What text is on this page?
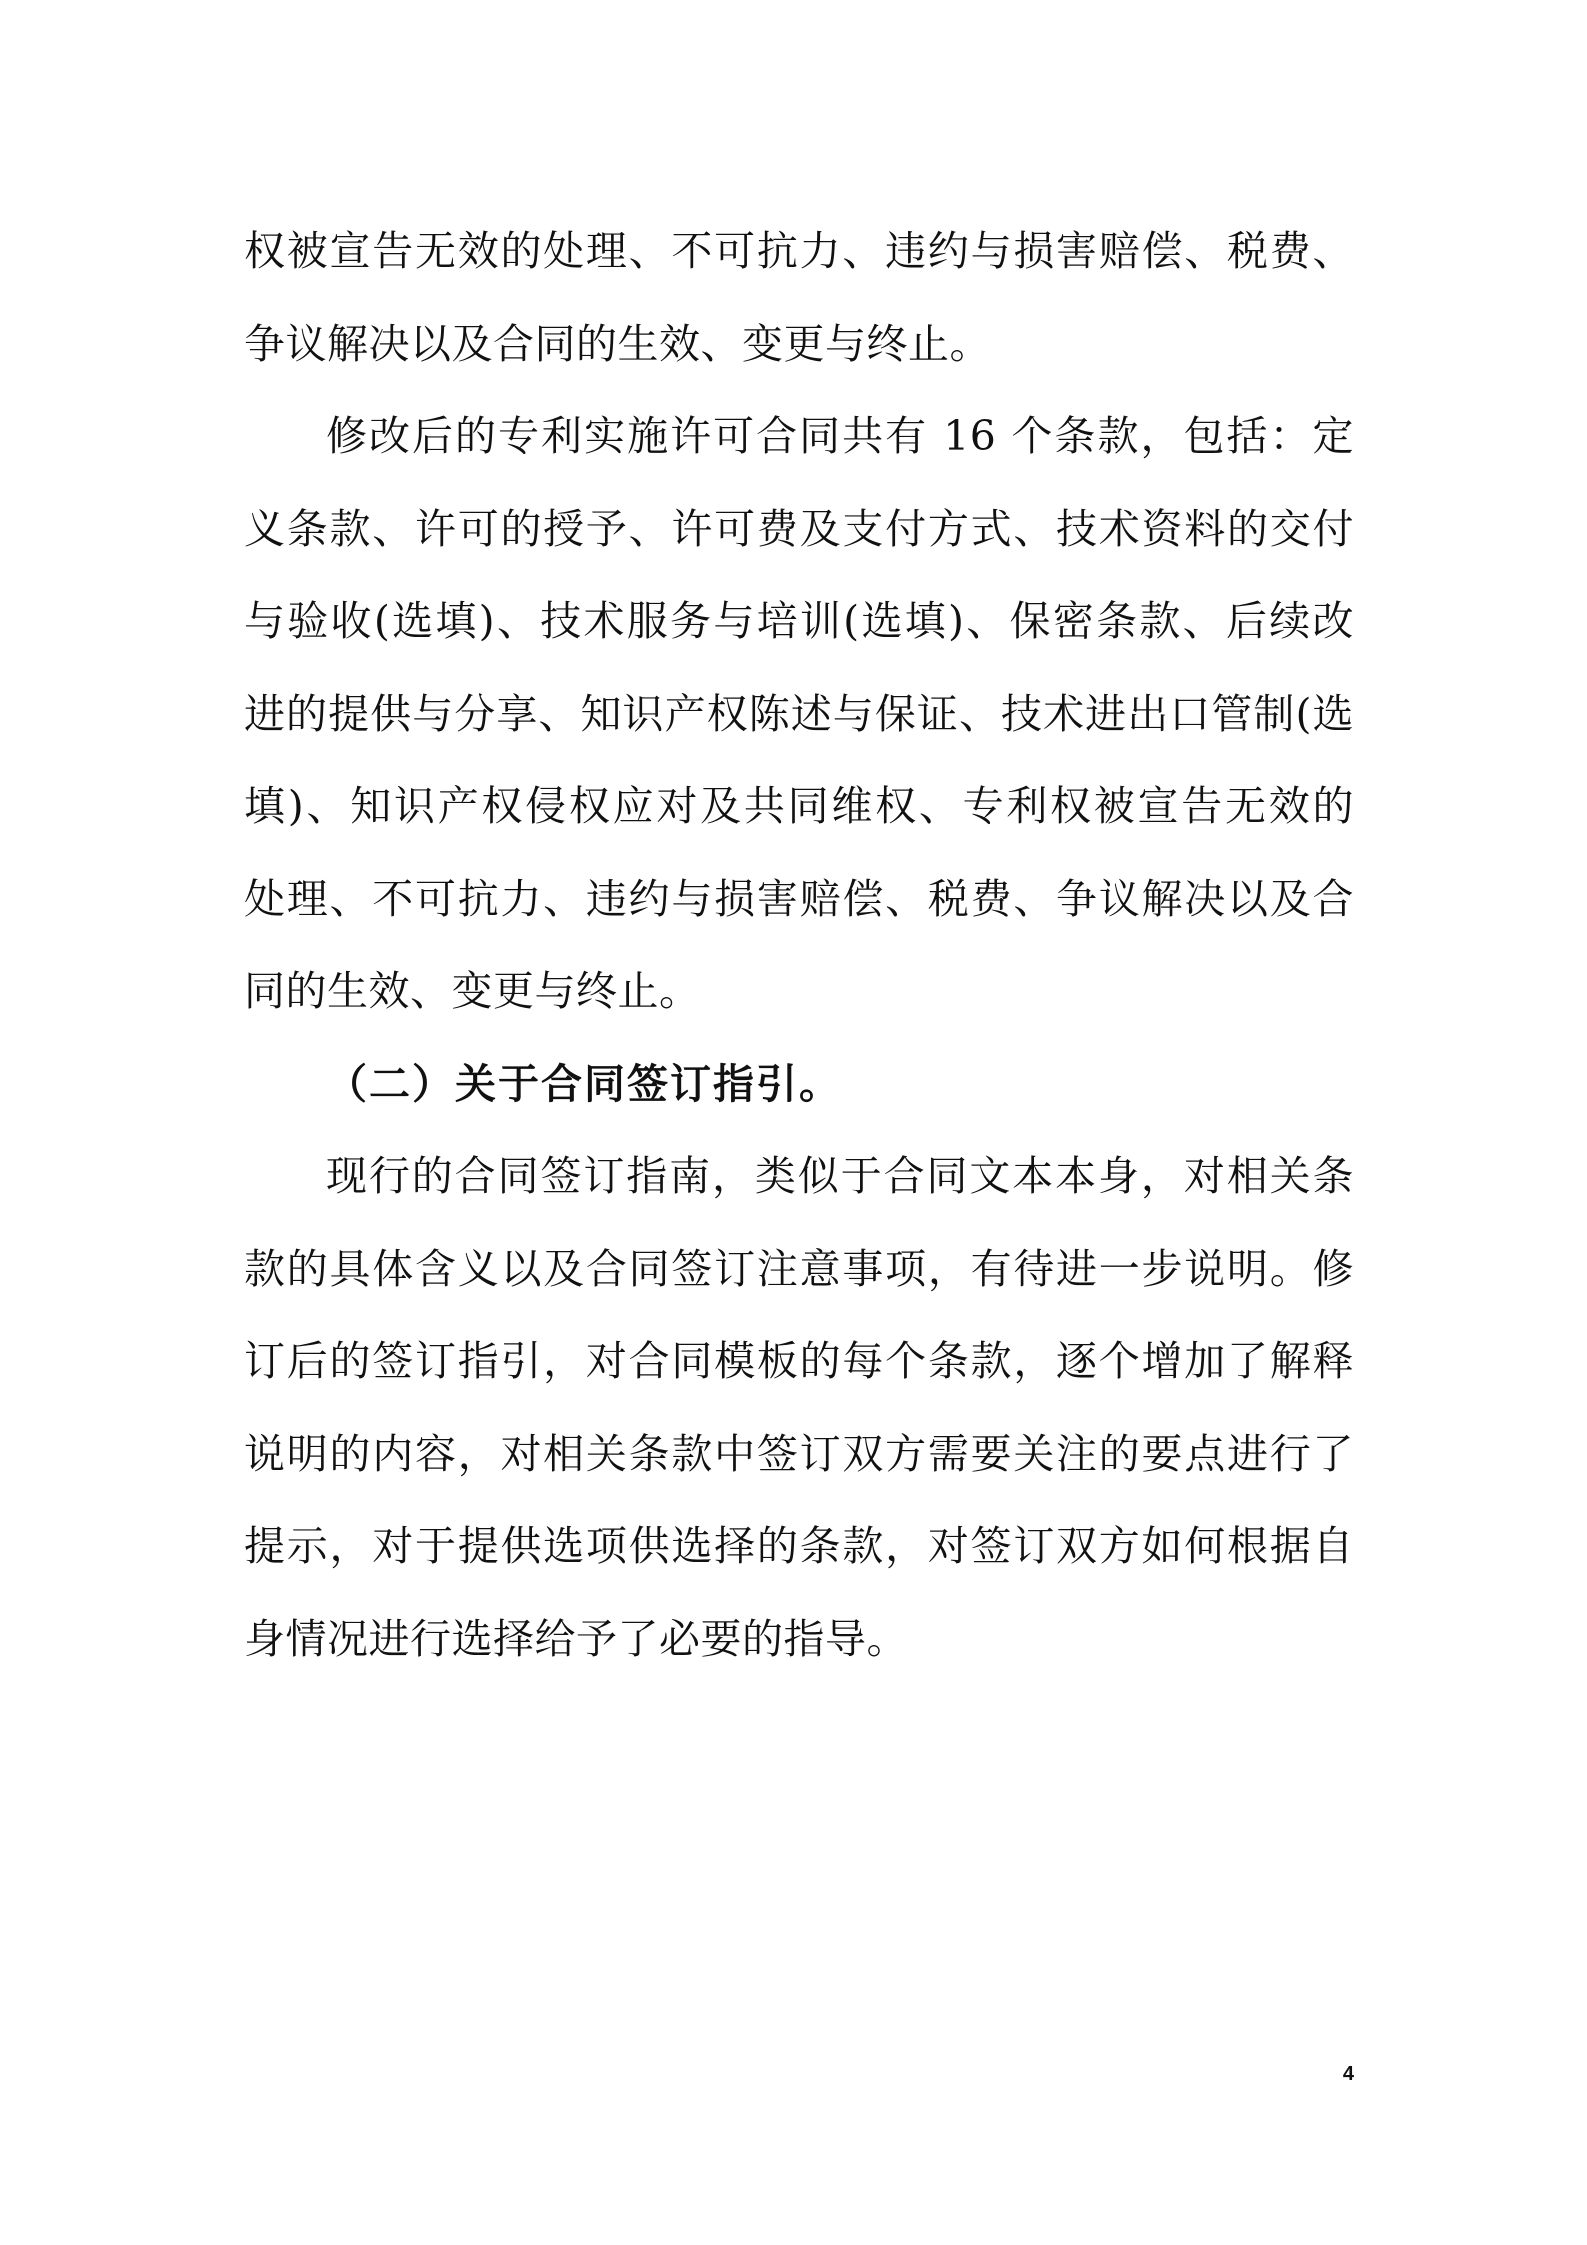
权被宣告无效的处理、不可抗力、违约与损害赔偿、税费、
争议解决以及合同的生效、变更与终止。
修改后的专利实施许可合同共有 16 个条款，包括：定
义条款、许可的授予、许可费及支付方式、技术资料的交付
与验收(选填)、技术服务与培训(选填)、保密条款、后续改
进的提供与分享、知识产权陈述与保证、技术进出口管制(选
填)、知识产权侵权应对及共同维权、专利权被宣告无效的
处理、不可抗力、违约与损害赔偿、税费、争议解决以及合
同的生效、变更与终止。
（二）关于合同签订指引。
现行的合同签订指南，类似于合同文本本身，对相关条
款的具体含义以及合同签订注意事项，有待进一步说明。修
订后的签订指引，对合同模板的每个条款，逐个增加了解释
说明的内容，对相关条款中签订双方需要关注的要点进行了
提示，对于提供选项供选择的条款，对签订双方如何根据自
身情况进行选择给予了必要的指导。
4
